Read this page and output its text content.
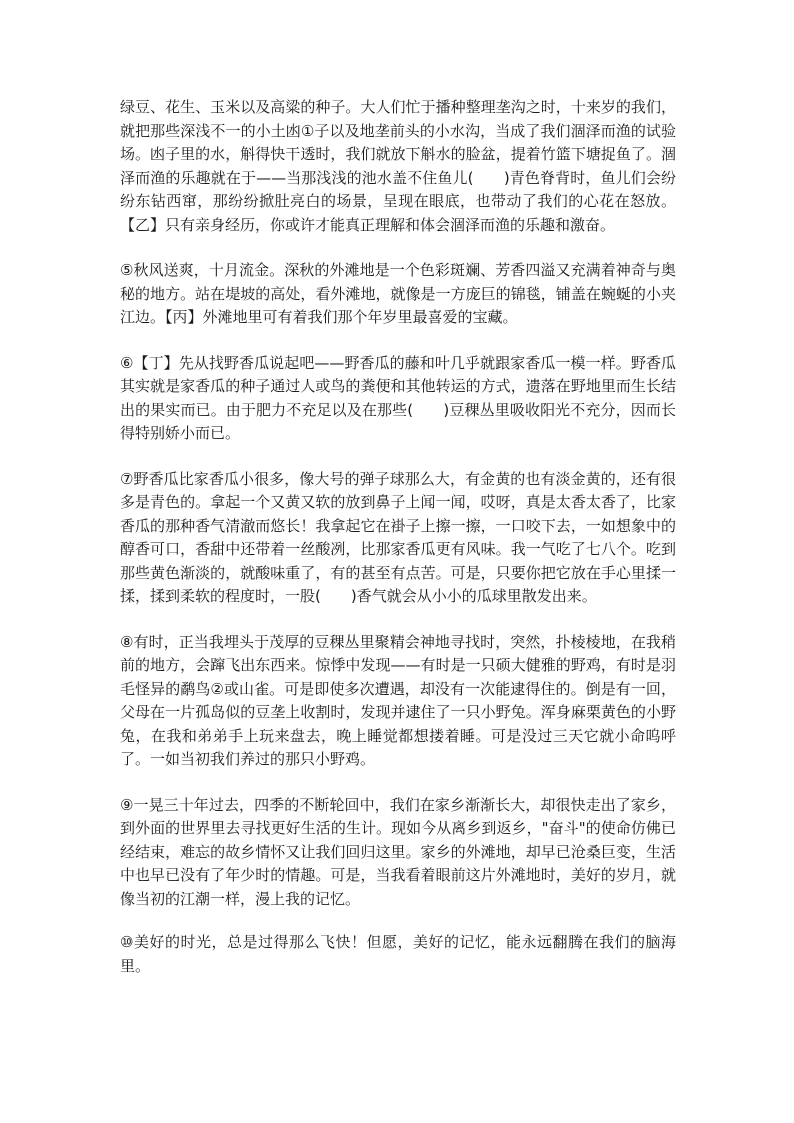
绿豆、花生、玉米以及高粱的种子。大人们忙于播种整理垄沟之时，十来岁的我们，就把那些深浅不一的小土凼①子以及地垄前头的小水沟，当成了我们涸泽而渔的试验场。凼子里的水，斛得快干透时，我们就放下斛水的脸盆，提着竹篮下塘捉鱼了。涸泽而渔的乐趣就在于——当那浅浅的池水盖不住鱼儿(　　)青色脊背时，鱼儿们会纷纷东钻西窜，那纷纷掀肚亮白的场景，呈现在眼底，也带动了我们的心花在怒放。【乙】只有亲身经历，你或许才能真正理解和体会涸泽而渔的乐趣和激奋。

⑤秋风送爽，十月流金。深秋的外滩地是一个色彩斑斓、芳香四溢又充满着神奇与奥秘的地方。站在堤坡的高处，看外滩地，就像是一方庞巨的锦毯，铺盖在蜿蜒的小夹江边。【丙】外滩地里可有着我们那个年岁里最喜爱的宝藏。

⑥【丁】先从找野香瓜说起吧——野香瓜的藤和叶几乎就跟家香瓜一模一样。野香瓜其实就是家香瓜的种子通过人或鸟的粪便和其他转运的方式，遗落在野地里而生长结出的果实而已。由于肥力不充足以及在那些(　　)豆稞丛里吸收阳光不充分，因而长得特别娇小而已。

⑦野香瓜比家香瓜小很多，像大号的弹子球那么大，有金黄的也有淡金黄的，还有很多是青色的。拿起一个又黄又软的放到鼻子上闻一闻，哎呀，真是太香太香了，比家香瓜的那种香气清澈而悠长！我拿起它在褂子上擦一擦，一口咬下去，一如想象中的醇香可口，香甜中还带着一丝酸冽，比那家香瓜更有风味。我一气吃了七八个。吃到那些黄色渐淡的，就酸味重了，有的甚至有点苦。可是，只要你把它放在手心里揉一揉，揉到柔软的程度时，一股(　　)香气就会从小小的瓜球里散发出来。

⑧有时，正当我埋头于茂厚的豆稞丛里聚精会神地寻找时，突然，扑棱棱地，在我稍前的地方，会蹿飞出东西来。惊悸中发现——有时是一只硕大健雅的野鸡，有时是羽毛怪异的鹬鸟②或山雀。可是即使多次遭遇，却没有一次能逮得住的。倒是有一回，父母在一片孤岛似的豆垄上收割时，发现并逮住了一只小野兔。浑身麻栗黄色的小野兔，在我和弟弟手上玩来盘去，晚上睡觉都想搂着睡。可是没过三天它就小命呜呼了。一如当初我们养过的那只小野鸡。

⑨一晃三十年过去，四季的不断轮回中，我们在家乡渐渐长大，却很快走出了家乡，到外面的世界里去寻找更好生活的生计。现如今从离乡到返乡，"奋斗"的使命仿佛已经结束，难忘的故乡情怀又让我们回归这里。家乡的外滩地，却早已沧桑巨变，生活中也早已没有了年少时的情趣。可是，当我看着眼前这片外滩地时，美好的岁月，就像当初的江潮一样，漫上我的记忆。

⑩美好的时光，总是过得那么飞快！但愿，美好的记忆，能永远翻腾在我们的脑海里。
